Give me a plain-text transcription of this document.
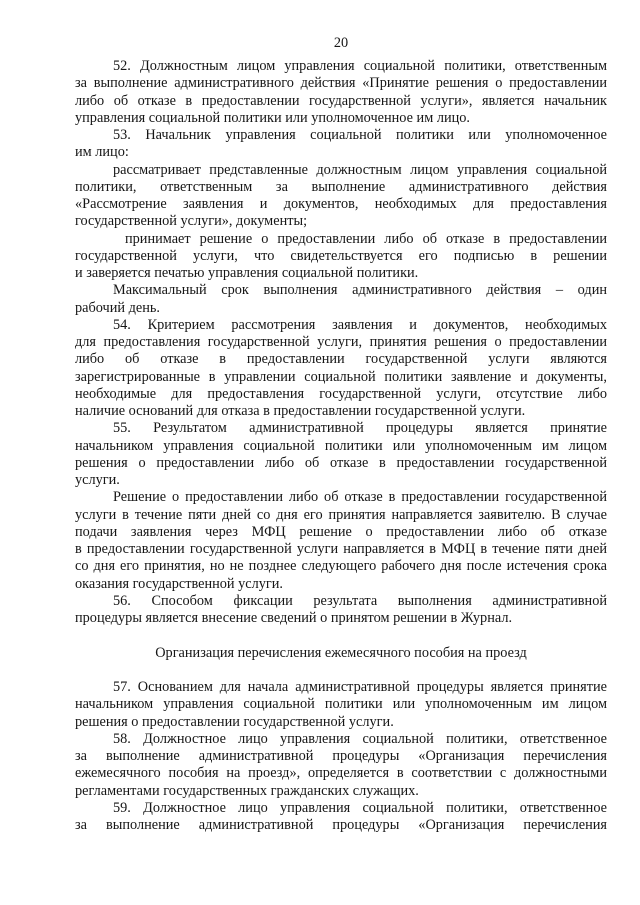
20
52. Должностным лицом управления социальной политики, ответственным
за выполнение административного действия «Принятие решения о предоставлении
либо об отказе в предоставлении государственной услуги», является начальник
управления социальной политики или уполномоченное им лицо.
53. Начальник управления социальной политики или уполномоченное
им лицо:
рассматривает представленные должностным лицом управления социальной
политики, ответственным за выполнение административного действия
«Рассмотрение заявления и документов, необходимых для предоставления
государственной услуги», документы;
принимает решение о предоставлении либо об отказе в предоставлении
государственной услуги, что свидетельствуется его подписью в решении
и заверяется печатью управления социальной политики.
Максимальный срок выполнения административного действия – один
рабочий день.
54. Критерием рассмотрения заявления и документов, необходимых
для предоставления государственной услуги, принятия решения о предоставлении
либо об отказе в предоставлении государственной услуги являются
зарегистрированные в управлении социальной политики заявление и документы,
необходимые для предоставления государственной услуги, отсутствие либо
наличие оснований для отказа в предоставлении государственной услуги.
55. Результатом административной процедуры является принятие
начальником управления социальной политики или уполномоченным им лицом
решения о предоставлении либо об отказе в предоставлении государственной
услуги.
Решение о предоставлении либо об отказе в предоставлении государственной
услуги в течение пяти дней со дня его принятия направляется заявителю. В случае
подачи заявления через МФЦ решение о предоставлении либо об отказе
в предоставлении государственной услуги направляется в МФЦ в течение пяти дней
со дня его принятия, но не позднее следующего рабочего дня после истечения срока
оказания государственной услуги.
56. Способом фиксации результата выполнения административной
процедуры является внесение сведений о принятом решении в Журнал.
Организация перечисления ежемесячного пособия на проезд
57. Основанием для начала административной процедуры является принятие
начальником управления социальной политики или уполномоченным им лицом
решения о предоставлении государственной услуги.
58. Должностное лицо управления социальной политики, ответственное
за выполнение административной процедуры «Организация перечисления
ежемесячного пособия на проезд», определяется в соответствии с должностными
регламентами государственных гражданских служащих.
59. Должностное лицо управления социальной политики, ответственное
за выполнение административной процедуры «Организация перечисления
